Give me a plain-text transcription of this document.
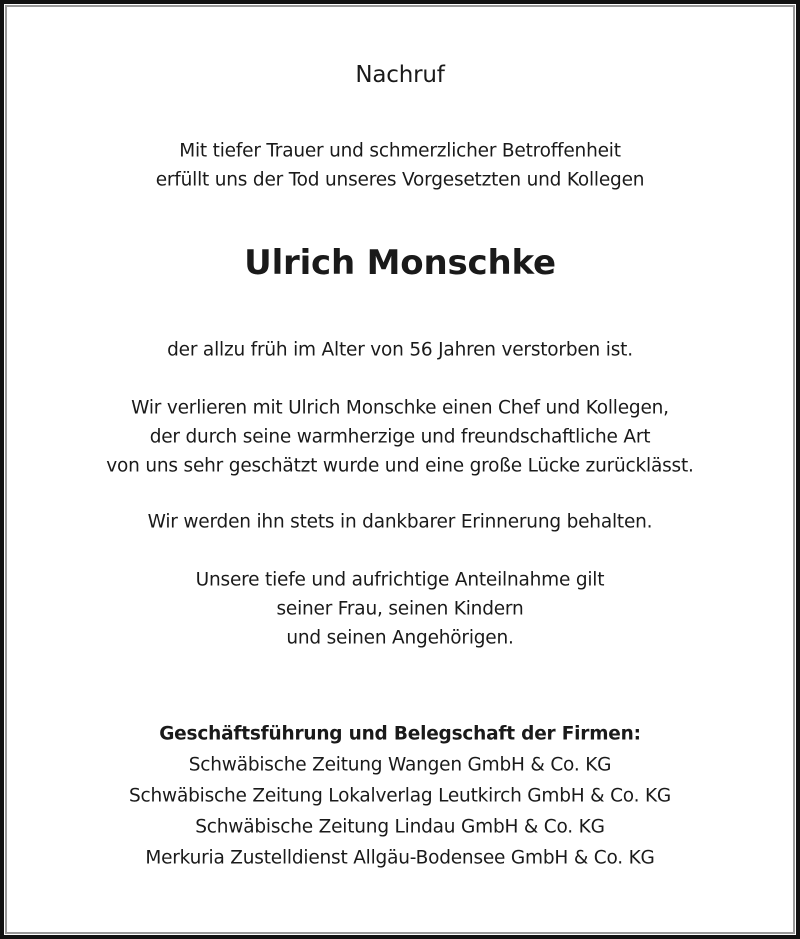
Nachruf
Mit tiefer Trauer und schmerzlicher Betroffenheit
erfüllt uns der Tod unseres Vorgesetzten und Kollegen
Ulrich Monschke
der allzu früh im Alter von 56 Jahren verstorben ist.
Wir verlieren mit Ulrich Monschke einen Chef und Kollegen,
der durch seine warmherzige und freundschaftliche Art
von uns sehr geschätzt wurde und eine große Lücke zurücklässt.
Wir werden ihn stets in dankbarer Erinnerung behalten.
Unsere tiefe und aufrichtige Anteilnahme gilt
seiner Frau, seinen Kindern
und seinen Angehörigen.
Geschäftsführung und Belegschaft der Firmen:
Schwäbische Zeitung Wangen GmbH & Co. KG
Schwäbische Zeitung Lokalverlag Leutkirch GmbH & Co. KG
Schwäbische Zeitung Lindau GmbH & Co. KG
Merkuria Zustelldienst Allgäu-Bodensee GmbH & Co. KG
